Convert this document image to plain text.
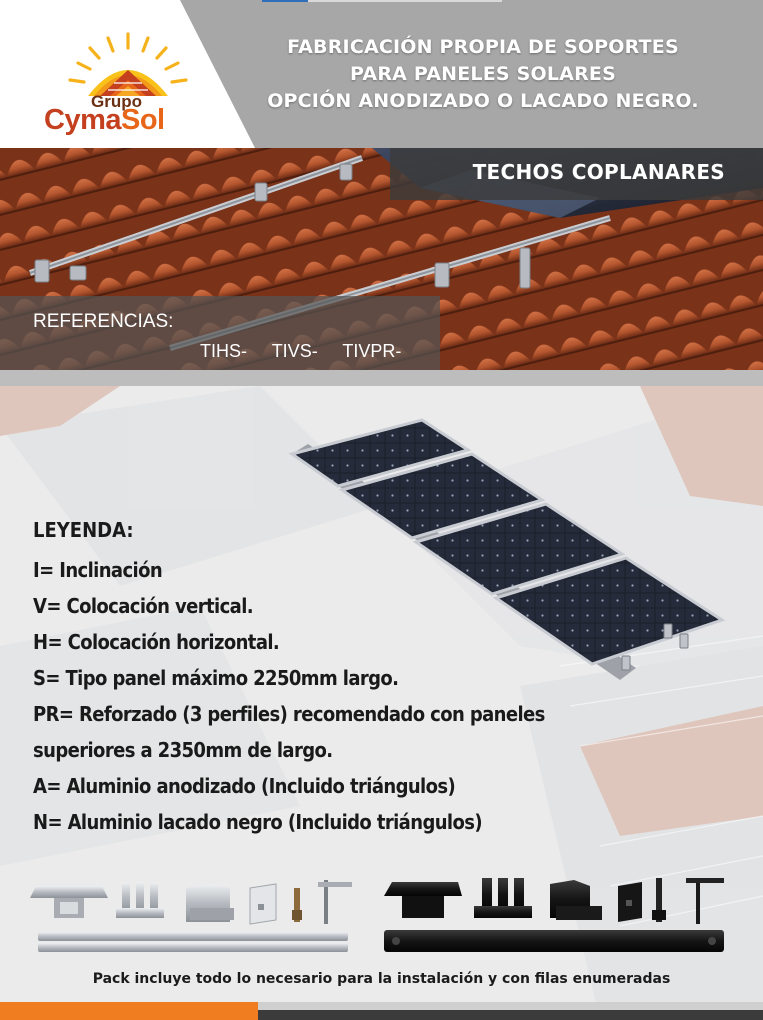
Grupo
CymaSol
FABRICACIÓN PROPIA DE SOPORTES
PARA PANELES SOLARES
OPCIÓN ANODIZADO O LACADO NEGRO.
TECHOS COPLANARES
REFERENCIAS:
TIHS- TIVS- TIVPR-
LEYENDA:
I= Inclinación
V= Colocación vertical.
H= Colocación horizontal.
S= Tipo panel máximo 2250mm largo.
PR= Reforzado (3 perfiles) recomendado con paneles
superiores a 2350mm de largo.
A= Aluminio anodizado (Incluido triángulos)
N= Aluminio lacado negro (Incluido triángulos)
Pack incluye todo lo necesario para la instalación y con filas enumeradas
